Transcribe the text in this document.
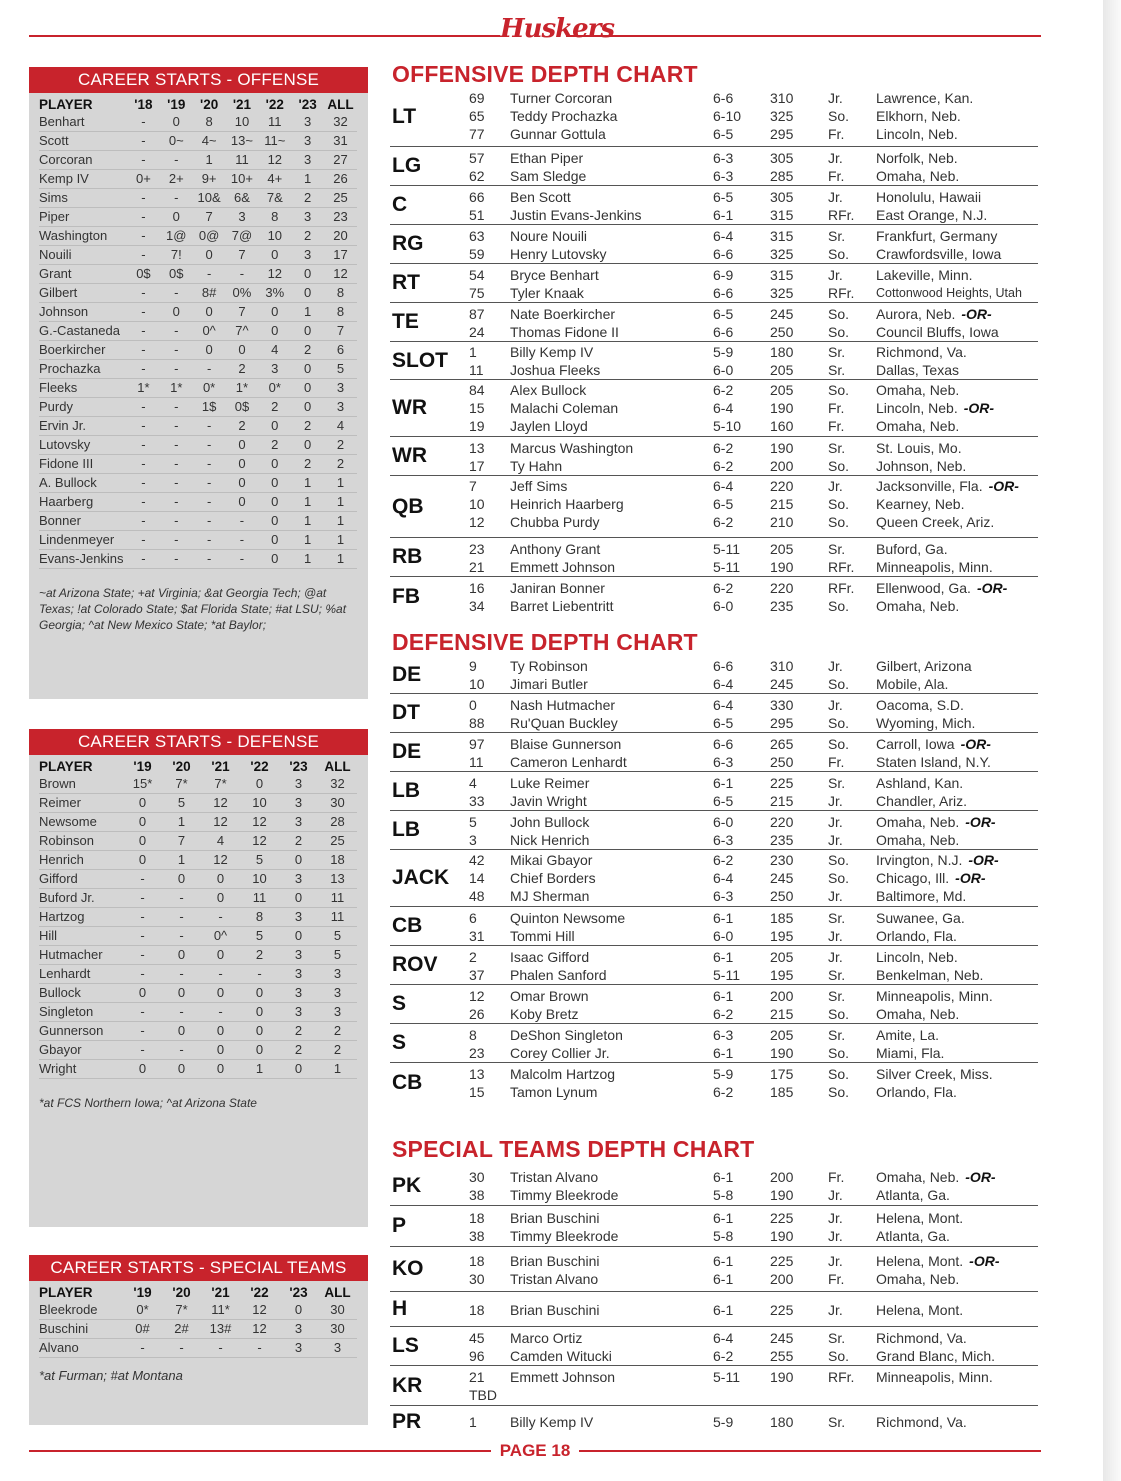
Huskers
CAREER STARTS - OFFENSE
PLAYER	'18	'19	'20	'21	'22	'23	ALL
Benhart	-	0	8	10	11	3	32
Scott	-	0~	4~	13~	11~	3	31
Corcoran	-	-	1	11	12	3	27
Kemp IV	0+	2+	9+	10+	4+	1	26
Sims	-	-	10&	6&	7&	2	25
Piper	-	0	7	3	8	3	23
Washington	-	1@	0@	7@	10	2	20
Nouili	-	7!	0	7	0	3	17
Grant	0$	0$	-	-	12	0	12
Gilbert	-	-	8#	0%	3%	0	8
Johnson	-	0	0	7	0	1	8
G.-Castaneda	-	-	0^	7^	0	0	7
Boerkircher	-	-	0	0	4	2	6
Prochazka	-	-	-	2	3	0	5
Fleeks	1*	1*	0*	1*	0*	0	3
Purdy	-	-	1$	0$	2	0	3
Ervin Jr.	-	-	-	2	0	2	4
Lutovsky	-	-	-	0	2	0	2
Fidone III	-	-	-	0	0	2	2
A. Bullock	-	-	-	0	0	1	1
Haarberg	-	-	-	0	0	1	1
Bonner	-	-	-	-	0	1	1
Lindenmeyer	-	-	-	-	0	1	1
Evans-Jenkins	-	-	-	-	0	1	1
~at Arizona State; +at Virginia; &at Georgia Tech; @at Texas; !at Colorado State; $at Florida State; #at LSU; %at Georgia; ^at New Mexico State; *at Baylor;
CAREER STARTS - DEFENSE
PLAYER	'19	'20	'21	'22	'23	ALL
Brown	15*	7*	7*	0	3	32
Reimer	0	5	12	10	3	30
Newsome	0	1	12	12	3	28
Robinson	0	7	4	12	2	25
Henrich	0	1	12	5	0	18
Gifford	-	0	0	10	3	13
Buford Jr.	-	-	0	11	0	11
Hartzog	-	-	-	8	3	11
Hill	-	-	0^	5	0	5
Hutmacher	-	0	0	2	3	5
Lenhardt	-	-	-	-	3	3
Bullock	0	0	0	0	3	3
Singleton	-	-	-	0	3	3
Gunnerson	-	0	0	0	2	2
Gbayor	-	-	0	0	2	2
Wright	0	0	0	1	0	1
*at FCS Northern Iowa; ^at Arizona State
CAREER STARTS - SPECIAL TEAMS
PLAYER	'19	'20	'21	'22	'23	ALL
Bleekrode	0*	7*	11*	12	0	30
Buschini	0#	2#	13#	12	3	30
Alvano	-	-	-	-	3	3
*at Furman; #at Montana
OFFENSIVE DEPTH CHART
LT
69 Turner Corcoran	6-6	310 Jr. Lawrence, Kan.
65 Teddy Prochazka	6-10 325 So. Elkhorn, Neb.
77 Gunnar Gottula	6-5	295 Fr. Lincoln, Neb.
LG	57 Ethan Piper	6-3	305 Jr. Norfolk, Neb.
62 Sam Sledge	6-3	285 Fr. Omaha, Neb.
C	66 Ben Scott	6-5	305 Jr. Honolulu, Hawaii
51 Justin Evans-Jenkins	6-1	315 RFr. East Orange, N.J.
RG	63 Noure Nouili	6-4	315 Sr. Frankfurt, Germany
59 Henry Lutovsky	6-6	325 So. Crawfordsville, Iowa
RT	54 Bryce Benhart	6-9	315 Jr. Lakeville, Minn.
75 Tyler Knaak	6-6	325 RFr. Cottonwood Heights, Utah
TE	87 Nate Boerkircher	6-5	245 So. Aurora, Neb. -OR-
24 Thomas Fidone II	6-6	250 So. Council Bluffs, Iowa
SLOT	1 Billy Kemp IV	5-9	180 Sr. Richmond, Va.
11 Joshua Fleeks	6-0	205 Sr. Dallas, Texas
WR
84 Alex Bullock	6-2	205 So. Omaha, Neb.
15 Malachi Coleman	6-4	190 Fr. Lincoln, Neb. -OR-
19 Jaylen Lloyd	5-10 160 Fr. Omaha, Neb.
WR	13 Marcus Washington	6-2	190 Sr. St. Louis, Mo.
17 Ty Hahn	6-2	200 So. Johnson, Neb.
QB
7 Jeff Sims	6-4	220 Jr. Jacksonville, Fla. -OR-
10 Heinrich Haarberg	6-5	215 So. Kearney, Neb.
12 Chubba Purdy	6-2	210 So. Queen Creek, Ariz.
RB	23 Anthony Grant	5-11 205 Sr. Buford, Ga.
21 Emmett Johnson	5-11 190 RFr. Minneapolis, Minn.
FB	16 Janiran Bonner	6-2	220 RFr. Ellenwood, Ga. -OR-
34 Barret Liebentritt	6-0	235 So. Omaha, Neb.
DEFENSIVE DEPTH CHART
DE	9 Ty Robinson	6-6	310 Jr. Gilbert, Arizona
10 Jimari Butler	6-4	245 So. Mobile, Ala.
DT	0 Nash Hutmacher	6-4	330 Jr. Oacoma, S.D.
88 Ru'Quan Buckley	6-5	295 So. Wyoming, Mich.
DE	97 Blaise Gunnerson	6-6	265 So. Carroll, Iowa -OR-
11 Cameron Lenhardt	6-3	250 Fr. Staten Island, N.Y.
LB	4 Luke Reimer	6-1	225 Sr. Ashland, Kan.
33 Javin Wright	6-5	215 Jr. Chandler, Ariz.
LB	5 John Bullock	6-0	220 Jr. Omaha, Neb. -OR-
3 Nick Henrich	6-3	235 Jr. Omaha, Neb.
JACK
42 Mikai Gbayor	6-2	230 So. Irvington, N.J. -OR-
14 Chief Borders	6-4	245 So. Chicago, Ill. -OR-
48 MJ Sherman	6-3	250 Jr. Baltimore, Md.
CB	6 Quinton Newsome	6-1	185 Sr. Suwanee, Ga.
31 Tommi Hill	6-0	195 Jr. Orlando, Fla.
ROV	2 Isaac Gifford	6-1	205 Jr. Lincoln, Neb.
37 Phalen Sanford	5-11 195 Sr. Benkelman, Neb.
S	12 Omar Brown	6-1	200 Sr. Minneapolis, Minn.
26 Koby Bretz	6-2	215 So. Omaha, Neb.
S	8 DeShon Singleton	6-3	205 Sr. Amite, La.
23 Corey Collier Jr.	6-1	190 So. Miami, Fla.
CB	13 Malcolm Hartzog	5-9	175 So. Silver Creek, Miss.
15 Tamon Lynum	6-2	185 So. Orlando, Fla.
SPECIAL TEAMS DEPTH CHART
PK	30 Tristan Alvano	6-1	200 Fr. Omaha, Neb. -OR-
38 Timmy Bleekrode	5-8	190 Jr. Atlanta, Ga.
P	18 Brian Buschini	6-1	225 Jr. Helena, Mont.
38 Timmy Bleekrode	5-8	190 Jr. Atlanta, Ga.
KO	18 Brian Buschini	6-1	225 Jr. Helena, Mont. -OR-
30 Tristan Alvano	6-1	200 Fr. Omaha, Neb.
H	18 Brian Buschini	6-1	225 Jr. Helena, Mont.
LS	45 Marco Ortiz	6-4	245 Sr. Richmond, Va.
96 Camden Witucki	6-2	255 So. Grand Blanc, Mich.
KR	21 Emmett Johnson	5-11 190 RFr. Minneapolis, Minn.
TBD
PR	1 Billy Kemp IV	5-9	180 Sr. Richmond, Va.
PAGE 18
